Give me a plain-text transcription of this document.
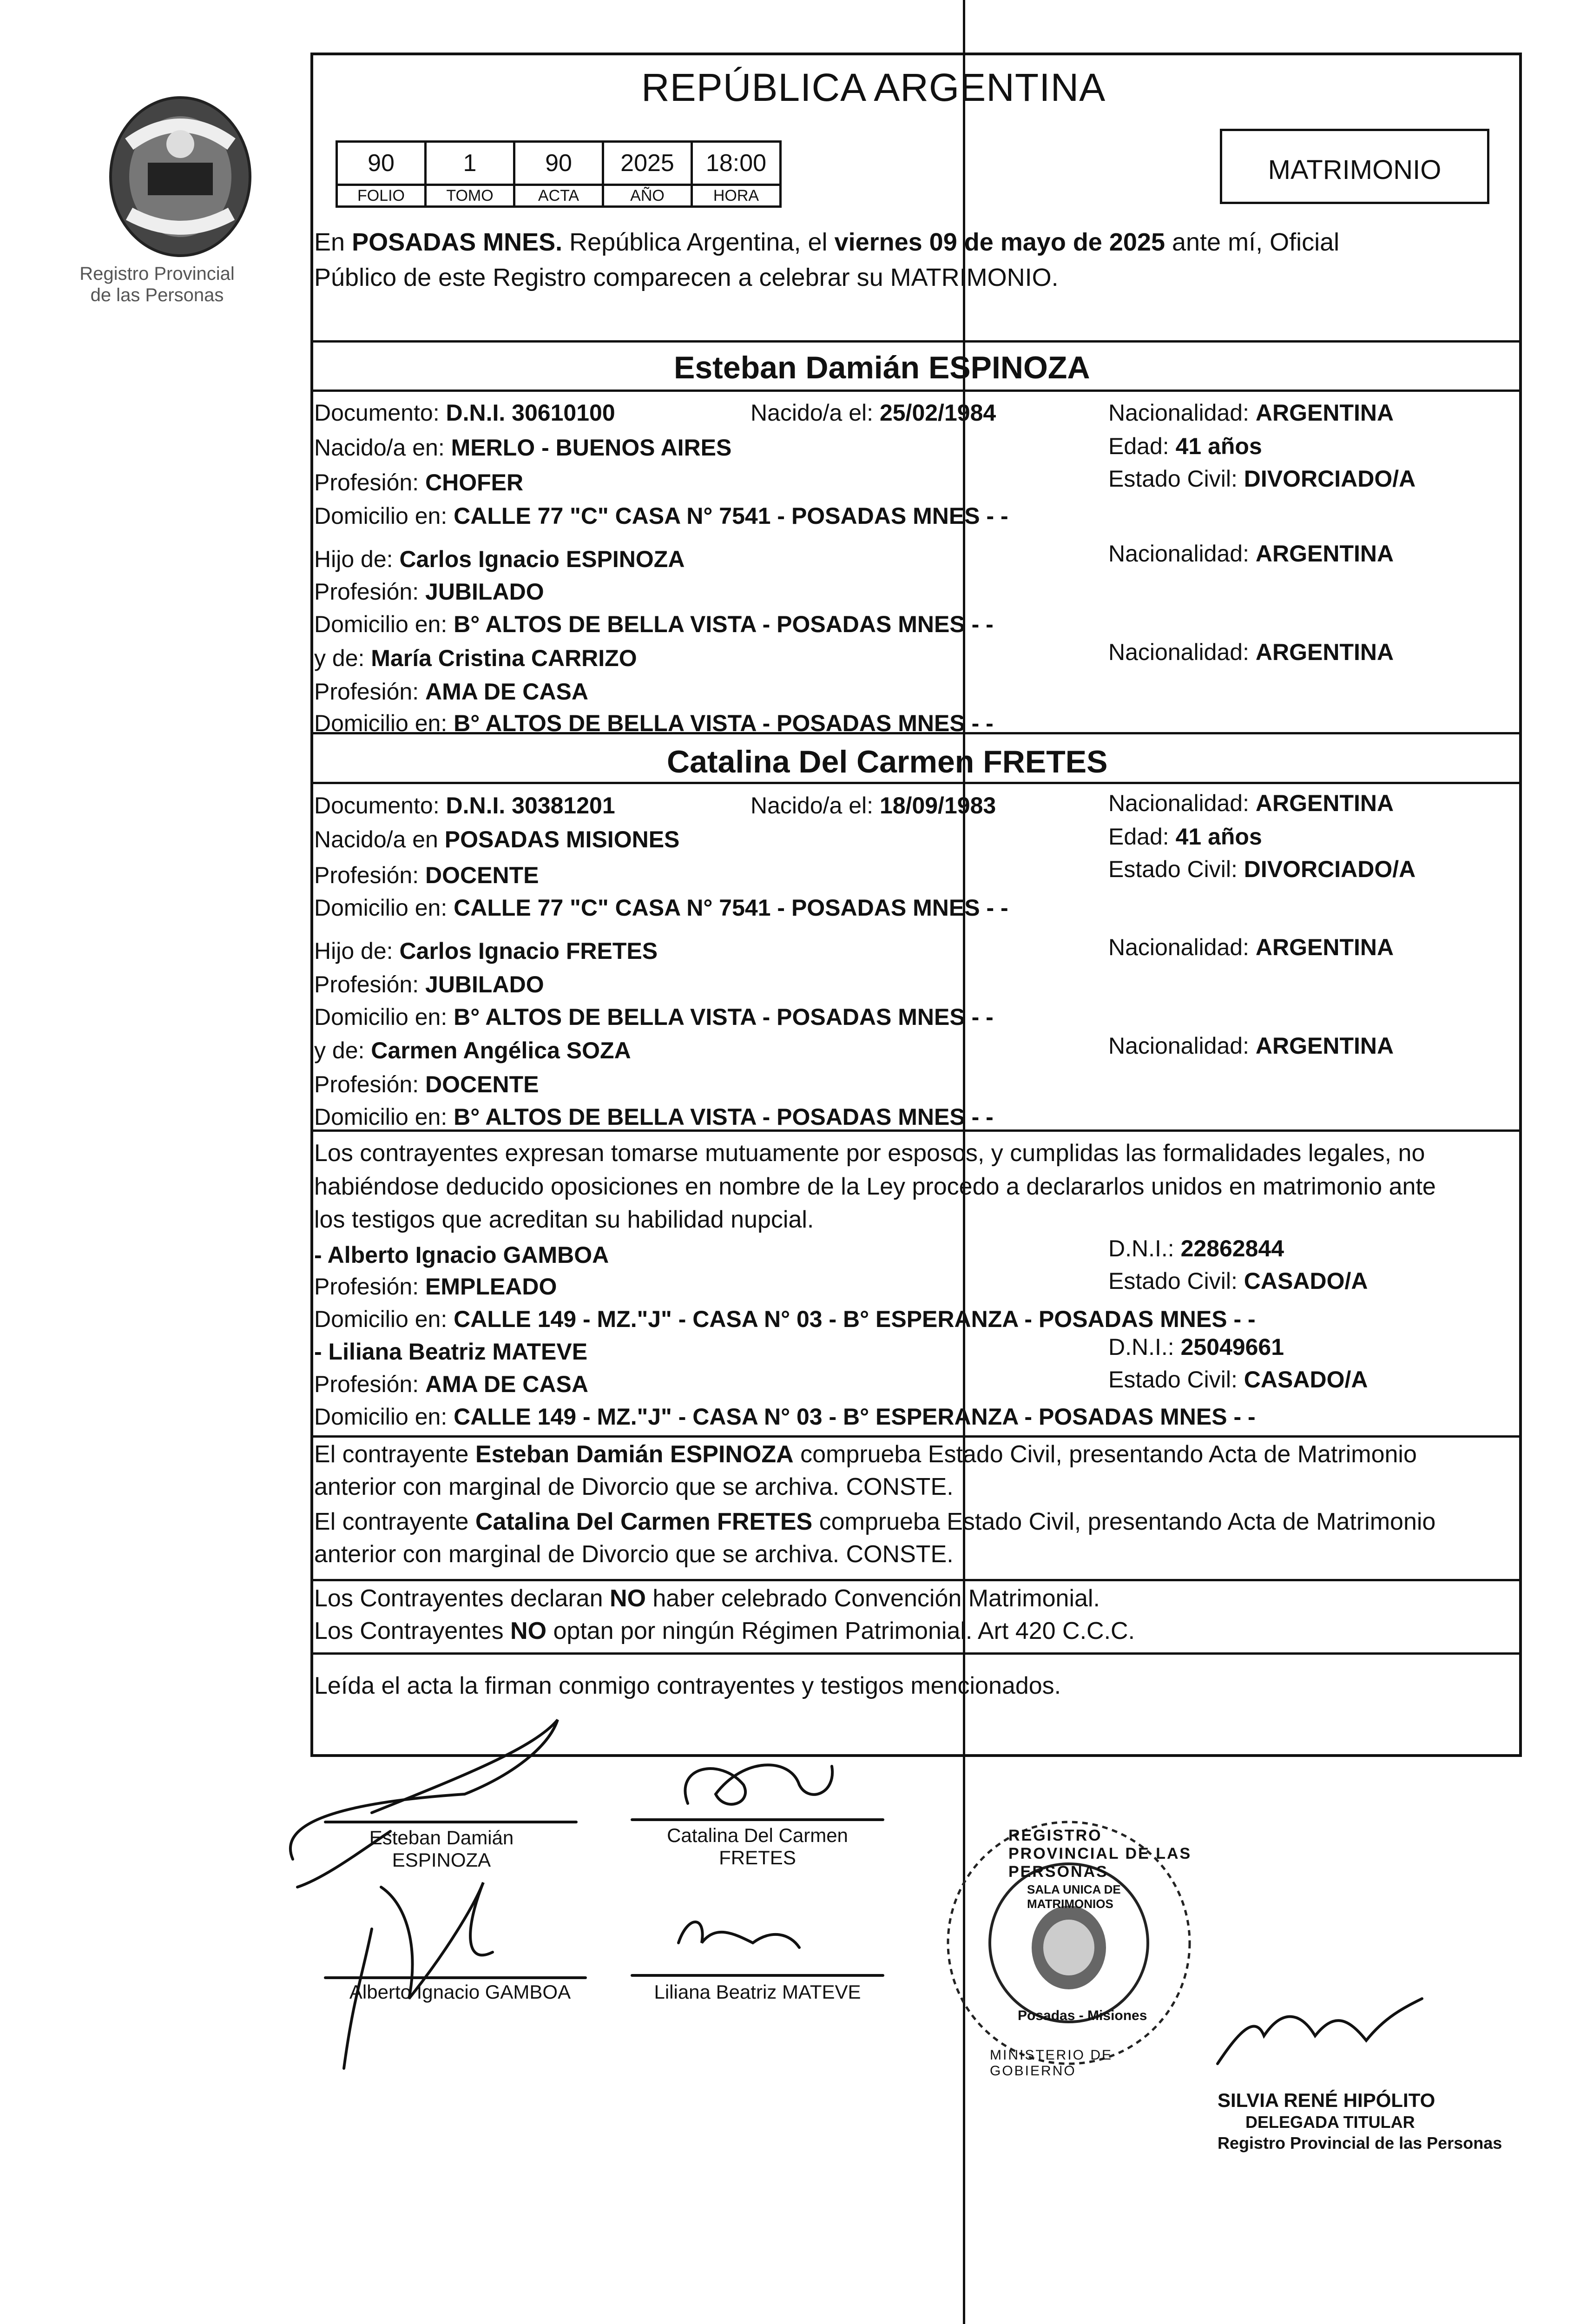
Registro Provincial
de las Personas
REPÚBLICA ARGENTINA
90	1	90	2025	18:00
FOLIO	TOMO	ACTA	AÑO	HORA
MATRIMONIO
En POSADAS MNES. República Argentina, el viernes 09 de mayo de 2025 ante mí, Oficial
Público de este Registro comparecen a celebrar su MATRIMONIO.
Esteban Damián ESPINOZA
Documento: D.N.I. 30610100	Nacido/a el: 25/02/1984	Nacionalidad: ARGENTINA
Nacido/a en: MERLO - BUENOS AIRES	Edad: 41 años
Profesión: CHOFER	Estado Civil: DIVORCIADO/A
Domicilio en: CALLE 77 "C" CASA N° 7541 - POSADAS MNES - -
Hijo de: Carlos Ignacio ESPINOZA	Nacionalidad: ARGENTINA
Profesión: JUBILADO
Domicilio en: B° ALTOS DE BELLA VISTA - POSADAS MNES - -
y de: María Cristina CARRIZO	Nacionalidad: ARGENTINA
Profesión: AMA DE CASA
Domicilio en: B° ALTOS DE BELLA VISTA - POSADAS MNES - -
Catalina Del Carmen FRETES
Documento: D.N.I. 30381201	Nacido/a el: 18/09/1983	Nacionalidad: ARGENTINA
Nacido/a en POSADAS MISIONES	Edad: 41 años
Profesión: DOCENTE	Estado Civil: DIVORCIADO/A
Domicilio en: CALLE 77 "C" CASA N° 7541 - POSADAS MNES - -
Hijo de: Carlos Ignacio FRETES	Nacionalidad: ARGENTINA
Profesión: JUBILADO
Domicilio en: B° ALTOS DE BELLA VISTA - POSADAS MNES - -
y de: Carmen Angélica SOZA	Nacionalidad: ARGENTINA
Profesión: DOCENTE
Domicilio en: B° ALTOS DE BELLA VISTA - POSADAS MNES - -
Los contrayentes expresan tomarse mutuamente por esposos, y cumplidas las formalidades legales, no
habiéndose deducido oposiciones en nombre de la Ley procedo a declararlos unidos en matrimonio ante
los testigos que acreditan su habilidad nupcial.
- Alberto Ignacio GAMBOA	D.N.I.: 22862844
Profesión: EMPLEADO	Estado Civil: CASADO/A
Domicilio en: CALLE 149 - MZ."J" - CASA N° 03 - B° ESPERANZA - POSADAS MNES - -
- Liliana Beatriz MATEVE	D.N.I.: 25049661
Profesión: AMA DE CASA	Estado Civil: CASADO/A
Domicilio en: CALLE 149 - MZ."J" - CASA N° 03 - B° ESPERANZA - POSADAS MNES - -
El contrayente Esteban Damián ESPINOZA comprueba Estado Civil, presentando Acta de Matrimonio
anterior con marginal de Divorcio que se archiva. CONSTE.
El contrayente Catalina Del Carmen FRETES comprueba Estado Civil, presentando Acta de Matrimonio
anterior con marginal de Divorcio que se archiva. CONSTE.
Los Contrayentes declaran NO haber celebrado Convención Matrimonial.
Los Contrayentes NO optan por ningún Régimen Patrimonial. Art 420 C.C.C.
Leída el acta la firman conmigo contrayentes y testigos mencionados.
Esteban Damián
ESPINOZA
Catalina Del Carmen
FRETES
Alberto Ignacio GAMBOA	Liliana Beatriz MATEVE
REGISTRO PROVINCIAL DE LAS PERSONAS
SALA UNICA DE MATRIMONIOS
Posadas - Misiones
MINISTERIO DE GOBIERNO
SILVIA RENÉ HIPÓLITO
DELEGADA TITULAR
Registro Provincial de las Personas
